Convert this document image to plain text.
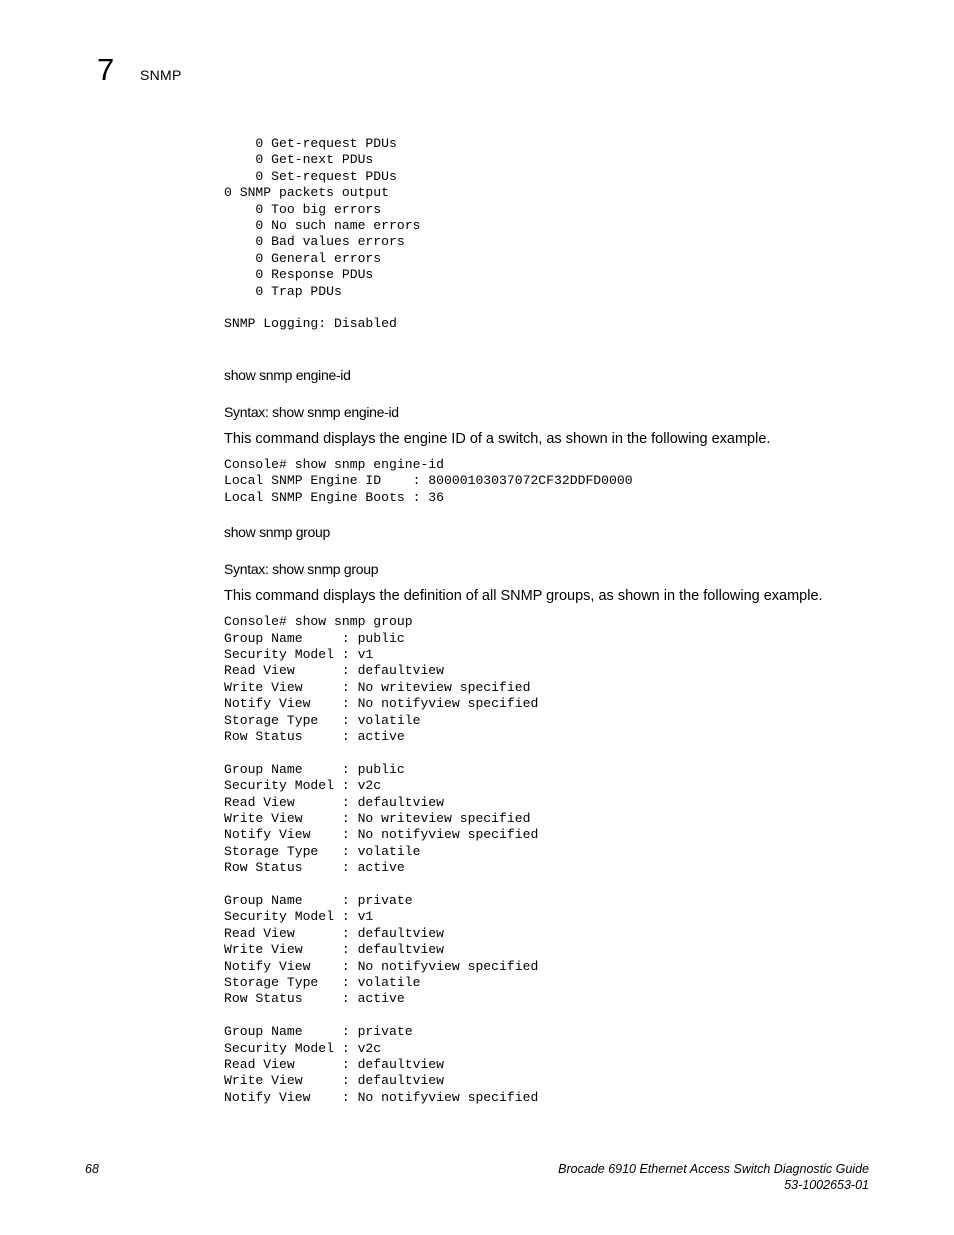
7 SNMP
0 Get-request PDUs
0 Get-next PDUs
0 Set-request PDUs
0 SNMP packets output
0 Too big errors
0 No such name errors
0 Bad values errors
0 General errors
0 Response PDUs
0 Trap PDUs

SNMP Logging: Disabled
show snmp engine-id
Syntax: show snmp engine-id
This command displays the engine ID of a switch, as shown in the following example.
Console# show snmp engine-id
Local SNMP Engine ID    : 80000103037072CF32DDFD0000
Local SNMP Engine Boots : 36
show snmp group
Syntax: show snmp group
This command displays the definition of all SNMP groups, as shown in the following example.
Console# show snmp group
Group Name     : public
Security Model : v1
Read View      : defaultview
Write View     : No writeview specified
Notify View    : No notifyview specified
Storage Type   : volatile
Row Status     : active

Group Name     : public
Security Model : v2c
Read View      : defaultview
Write View     : No writeview specified
Notify View    : No notifyview specified
Storage Type   : volatile
Row Status     : active

Group Name     : private
Security Model : v1
Read View      : defaultview
Write View     : defaultview
Notify View    : No notifyview specified
Storage Type   : volatile
Row Status     : active

Group Name     : private
Security Model : v2c
Read View      : defaultview
Write View     : defaultview
Notify View    : No notifyview specified
68	Brocade 6910 Ethernet Access Switch Diagnostic Guide
53-1002653-01
